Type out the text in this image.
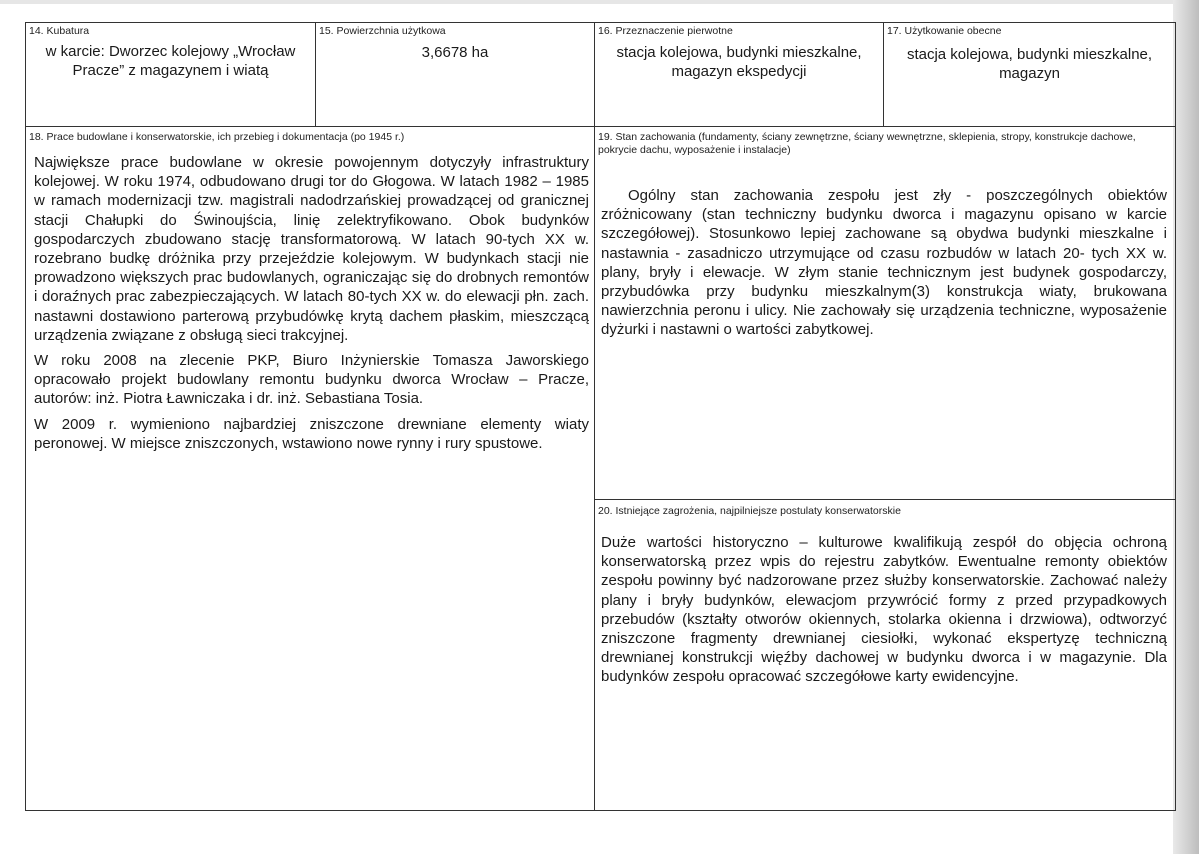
14. Kubatura
w karcie: Dworzec kolejowy „Wrocław Pracze” z magazynem i wiatą
15. Powierzchnia użytkowa
3,6678 ha
16. Przeznaczenie pierwotne
stacja kolejowa, budynki mieszkalne, magazyn ekspedycji
17. Użytkowanie obecne
stacja kolejowa, budynki mieszkalne, magazyn
18. Prace budowlane i konserwatorskie, ich przebieg i dokumentacja (po 1945 r.)

Największe prace budowlane w okresie powojennym dotyczyły infrastruktury kolejowej. W roku 1974, odbudowano drugi tor do Głogowa. W latach 1982 – 1985 w ramach modernizacji tzw. magistrali nadodrzańskiej prowadzącej od granicznej stacji Chałupki do Świnoujścia, linię zelektryfikowano. Obok budynków gospodarczych zbudowano stację transformatorową. W latach 90-tych XX w. rozebrano budkę dróżnika przy przejeździe kolejowym. W budynkach stacji nie prowadzono większych prac budowlanych, ograniczając się do drobnych remontów i doraźnych prac zabezpieczających. W latach 80-tych XX w. do elewacji płn. zach. nastawni dostawiono parterową przybudówkę krytą dachem płaskim, mieszczącą urządzenia związane z obsługą sieci trakcyjnej.

W roku 2008 na zlecenie PKP, Biuro Inżynierskie Tomasza Jaworskiego opracowało projekt budowlany remontu budynku dworca Wrocław – Pracze, autorów: inż. Piotra Ławniczaka i dr. inż. Sebastiana Tosia.

W 2009 r. wymieniono najbardziej zniszczone drewniane elementy wiaty peronowej. W miejsce zniszczonych, wstawiono nowe rynny i rury spustowe.

19. Stan zachowania (fundamenty, ściany zewnętrzne, ściany wewnętrzne, sklepienia, stropy, konstrukcje dachowe, pokrycie dachu, wyposażenie i instalacje)
Ogólny stan zachowania zespołu jest zły - poszczególnych obiektów zróżnicowany (stan techniczny budynku dworca i magazynu opisano w karcie szczegółowej). Stosunkowo lepiej zachowane są obydwa budynki mieszkalne i nastawnia - zasadniczo utrzymujące od czasu rozbudów w latach 20- tych XX w. plany, bryły i elewacje. W złym stanie technicznym jest budynek gospodarczy, przybudówka przy budynku mieszkalnym(3) konstrukcja wiaty, brukowana nawierzchnia peronu i ulicy. Nie zachowały się urządzenia techniczne, wyposażenie dyżurki i nastawni o wartości zabytkowej.
20. Istniejące zagrożenia, najpilniejsze postulaty konserwatorskie
Duże wartości historyczno – kulturowe kwalifikują zespół do objęcia ochroną konserwatorską przez wpis do rejestru zabytków. Ewentualne remonty obiektów zespołu powinny być nadzorowane przez służby konserwatorskie. Zachować należy plany i bryły budynków, elewacjom przywrócić formy z przed przypadkowych przebudów (kształty otworów okiennych, stolarka okienna i drzwiowa), odtworzyć zniszczone fragmenty drewnianej ciesiołki, wykonać ekspertyzę techniczną drewnianej konstrukcji więźby dachowej w budynku dworca i w magazynie. Dla budynków zespołu opracować szczegółowe karty ewidencyjne.
